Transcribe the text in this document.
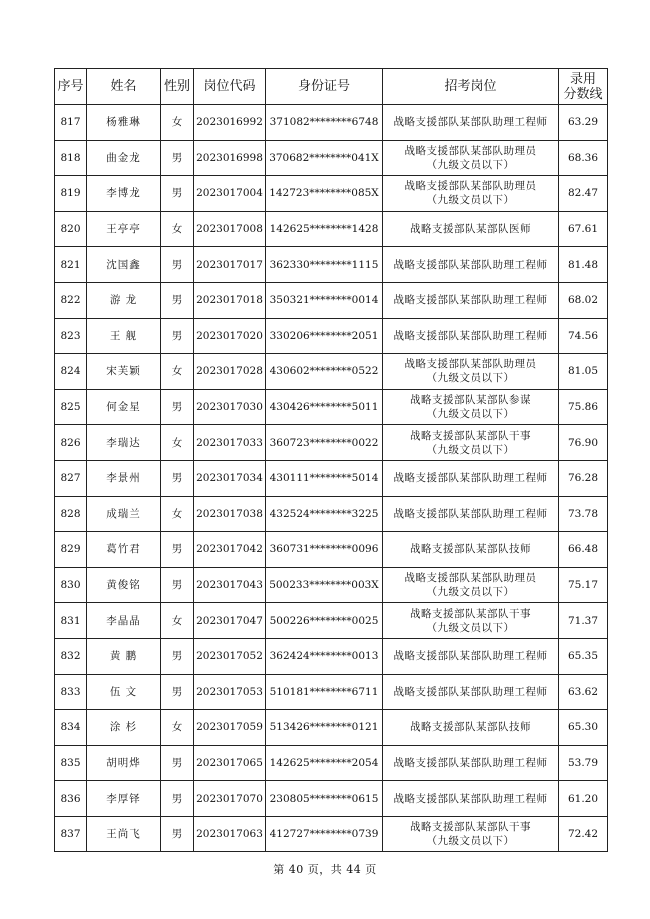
序号	姓名	性别	岗位代码	身份证号	招考岗位	录用
分数线

817	杨雅琳	女	2023016992	371082********6748	战略支援部队某部队助理工程师	63.29
818	曲金龙	男	2023016998	370682********041X	战略支援部队某部队助理员
（九级文员以下）	68.36
819	李博龙	男	2023017004	142723********085X	战略支援部队某部队助理员
（九级文员以下）	82.47
820	王亭亭	女	2023017008	142625********1428	战略支援部队某部队医师	67.61
821	沈国鑫	男	2023017017	362330********1115	战略支援部队某部队助理工程师	81.48
822	游 龙	男	2023017018	350321********0014	战略支援部队某部队助理工程师	68.02
823	王 舰	男	2023017020	330206********2051	战略支援部队某部队助理工程师	74.56
824	宋芙颖	女	2023017028	430602********0522	战略支援部队某部队助理员
（九级文员以下）	81.05
825	何金星	男	2023017030	430426********5011	战略支援部队某部队参谋
（九级文员以下）	75.86
826	李瑞达	女	2023017033	360723********0022	战略支援部队某部队干事
（九级文员以下）	76.90
827	李景州	男	2023017034	430111********5014	战略支援部队某部队助理工程师	76.28
828	成瑞兰	女	2023017038	432524********3225	战略支援部队某部队助理工程师	73.78
829	葛竹君	男	2023017042	360731********0096	战略支援部队某部队技师	66.48
830	黄俊铭	男	2023017043	500233********003X	战略支援部队某部队助理员
（九级文员以下）	75.17
831	李晶晶	女	2023017047	500226********0025	战略支援部队某部队干事
（九级文员以下）	71.37
832	黄 鹏	男	2023017052	362424********0013	战略支援部队某部队助理工程师	65.35
833	伍 文	男	2023017053	510181********6711	战略支援部队某部队助理工程师	63.62
834	涂 杉	女	2023017059	513426********0121	战略支援部队某部队技师	65.30
835	胡明烨	男	2023017065	142625********2054	战略支援部队某部队助理工程师	53.79
836	李厚铎	男	2023017070	230805********0615	战略支援部队某部队助理工程师	61.20
837	王尚飞	男	2023017063	412727********0739	战略支援部队某部队干事
（九级文员以下）	72.42
第 40 页，共 44 页
